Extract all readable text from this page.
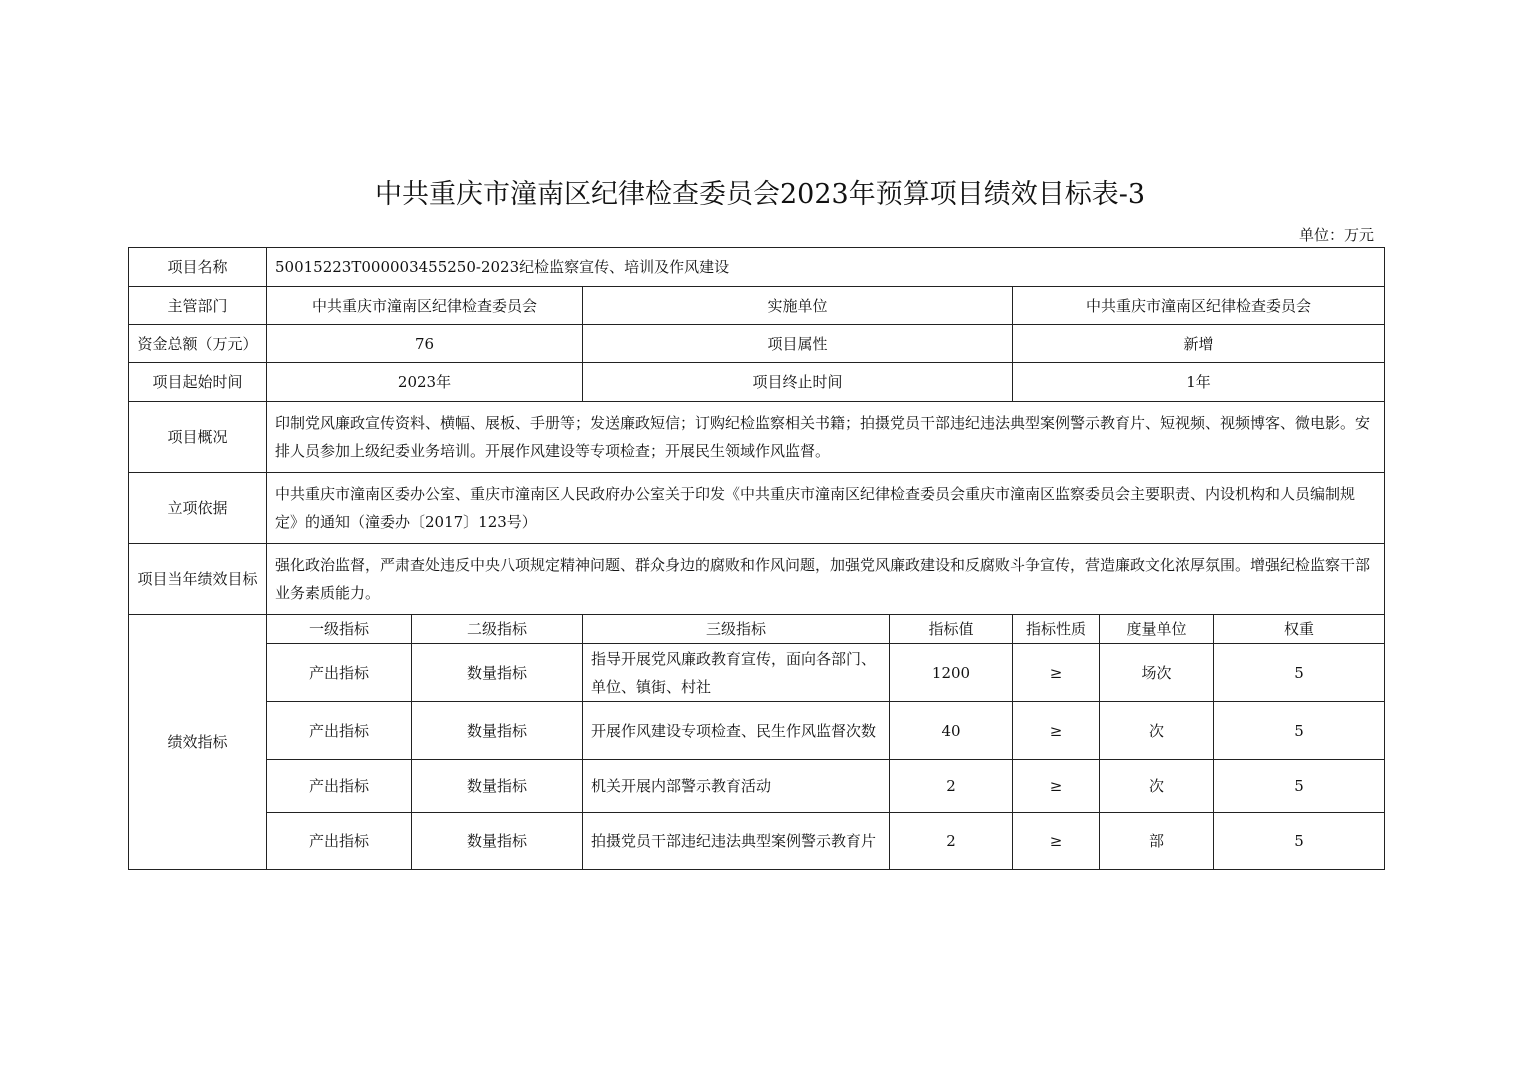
中共重庆市潼南区纪律检查委员会2023年预算项目绩效目标表-3
单位：万元
项目名称	50015223T000003455250-2023纪检监察宣传、培训及作风建设						
主管部门	中共重庆市潼南区纪律检查委员会		实施单位		中共重庆市潼南区纪律检查委员会		
资金总额（万元）	76		项目属性		新增		
项目起始时间	2023年		项目终止时间		1年		
项目概况	印制党风廉政宣传资料、横幅、展板、手册等；发送廉政短信；订购纪检监察相关书籍；拍摄党员干部违纪违法典型案例警示教育片、短视频、视频博客、微电影。安排人员参加上级纪委业务培训。开展作风建设等专项检查；开展民生领域作风监督。						
立项依据	中共重庆市潼南区委办公室、重庆市潼南区人民政府办公室关于印发《中共重庆市潼南区纪律检查委员会重庆市潼南区监察委员会主要职责、内设机构和人员编制规定》的通知（潼委办〔2017〕123号）						
项目当年绩效目标	强化政治监督，严肃查处违反中央八项规定精神问题、群众身边的腐败和作风问题，加强党风廉政建设和反腐败斗争宣传，营造廉政文化浓厚氛围。增强纪检监察干部业务素质能力。						
绩效指标	一级指标	二级指标	三级指标	指标值	指标性质	度量单位	权重
	产出指标	数量指标	指导开展党风廉政教育宣传，面向各部门、单位、镇街、村社	1200	≥	场次	5
	产出指标	数量指标	开展作风建设专项检查、民生作风监督次数	40	≥	次	5
	产出指标	数量指标	机关开展内部警示教育活动	2	≥	次	5
	产出指标	数量指标	拍摄党员干部违纪违法典型案例警示教育片	2	≥	部	5
